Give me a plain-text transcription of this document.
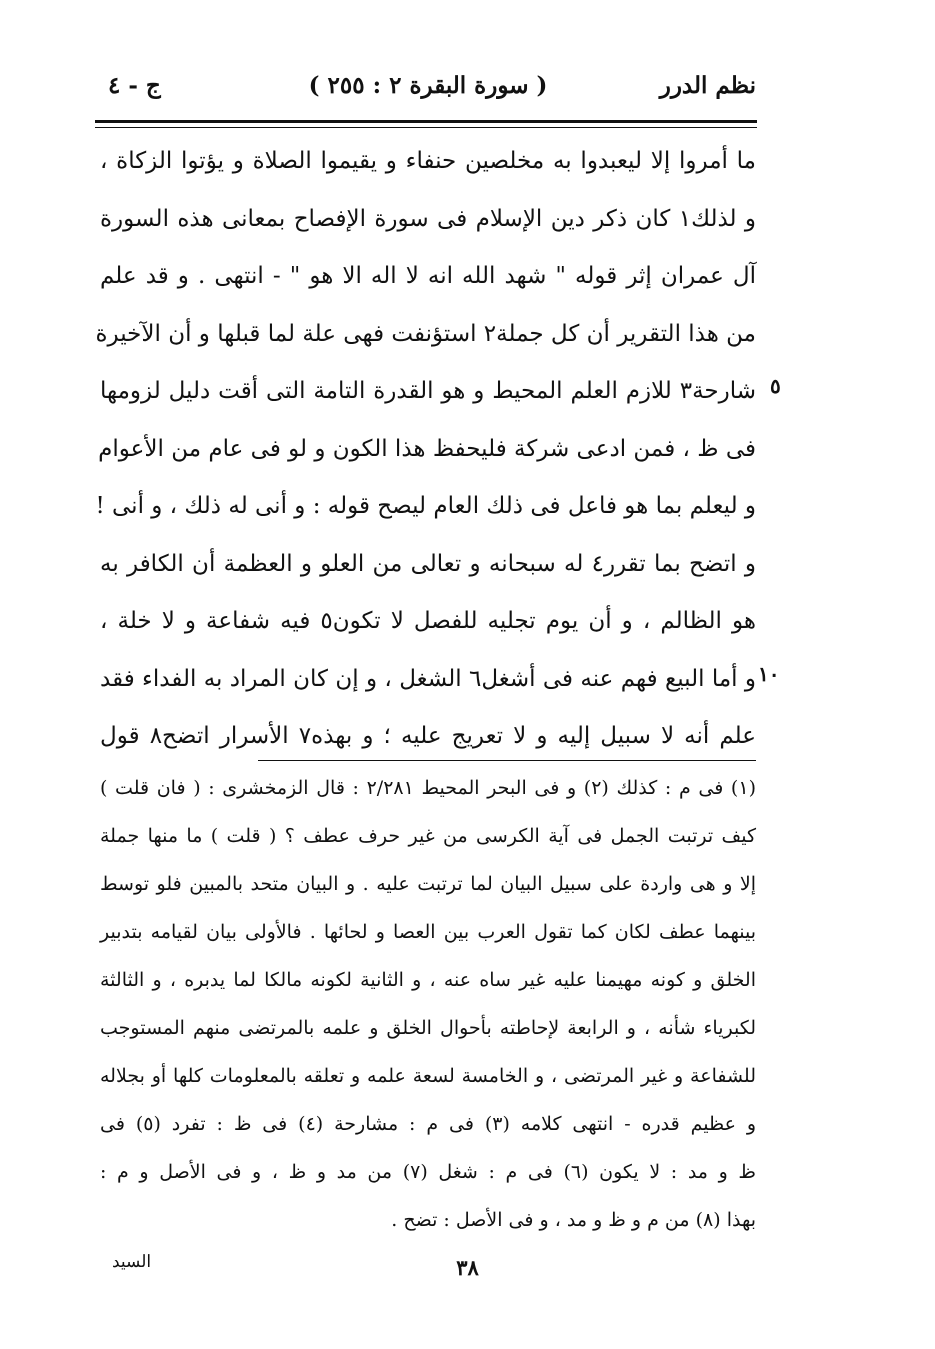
نظم الدرر
( سورة البقرة ٢ : ٢٥٥ )
ج - ٤
ما أمروا إلا ليعبدوا به مخلصين حنفاء و يقيموا الصلاة و يؤتوا الزكاة ،
و لذلك١ كان ذكر دين الإسلام فى سورة الإفصاح بمعانى هذه السورة
آل عمران إثر قوله " شهد الله انه لا اله الا هو " - انتهى . و قد علم
من هذا التقرير أن كل جملة٢ استؤنفت فهى علة لما قبلها و أن الآخيرة
شارحة٣ للازم العلم المحيط و هو القدرة التامة التى أقت دليل لزومها
فى ظ ، فمن ادعى شركة فليحفظ هذا الكون و لو فى عام من الأعوام
و ليعلم بما هو فاعل فى ذلك العام ليصح قوله : و أنى له ذلك ، و أنى !
و اتضح بما تقرر٤ له سبحانه و تعالى من العلو و العظمة أن الكافر به
هو الظالم ، و أن يوم تجليه للفصل لا تكون٥ فيه شفاعة و لا خلة ،
و أما البيع فهم عنه فى أشغل٦ الشغل ، و إن كان المراد به الفداء فقد
علم أنه لا سبيل إليه و لا تعريج عليه ؛ و بهذه٧ الأسرار اتضح٨ قول
٥
١٠
(١) فى م : كذلك (٢) و فى البحر المحيط ٢/٢٨١ : قال الزمخشرى : ( فان قلت )
كيف ترتبت الجمل فى آية الكرسى من غير حرف عطف ؟ ( قلت ) ما منها جملة
إلا و هى واردة على سبيل البيان لما ترتبت عليه . و البيان متحد بالمبين فلو توسط
بينهما عطف لكان كما تقول العرب بين العصا و لحائها . فالأولى بيان لقيامه بتدبير
الخلق و كونه مهيمنا عليه غير ساه عنه ، و الثانية لكونه مالكا لما يدبره ، و الثالثة
لكبرياء شأنه ، و الرابعة لإحاطته بأحوال الخلق و علمه بالمرتضى منهم المستوجب
للشفاعة و غير المرتضى ، و الخامسة لسعة علمه و تعلقه بالمعلومات كلها أو بجلاله
و عظيم قدره - انتهى كلامه (٣) فى م : مشارحة (٤) فى ظ : تفرد (٥) فى
ظ و مد : لا يكون (٦) فى م : شغل (٧) من مد و ظ ، و فى الأصل و م :
بهذا (٨) من م و ظ و مد ، و فى الأصل : تضح .
٣٨
السيد
